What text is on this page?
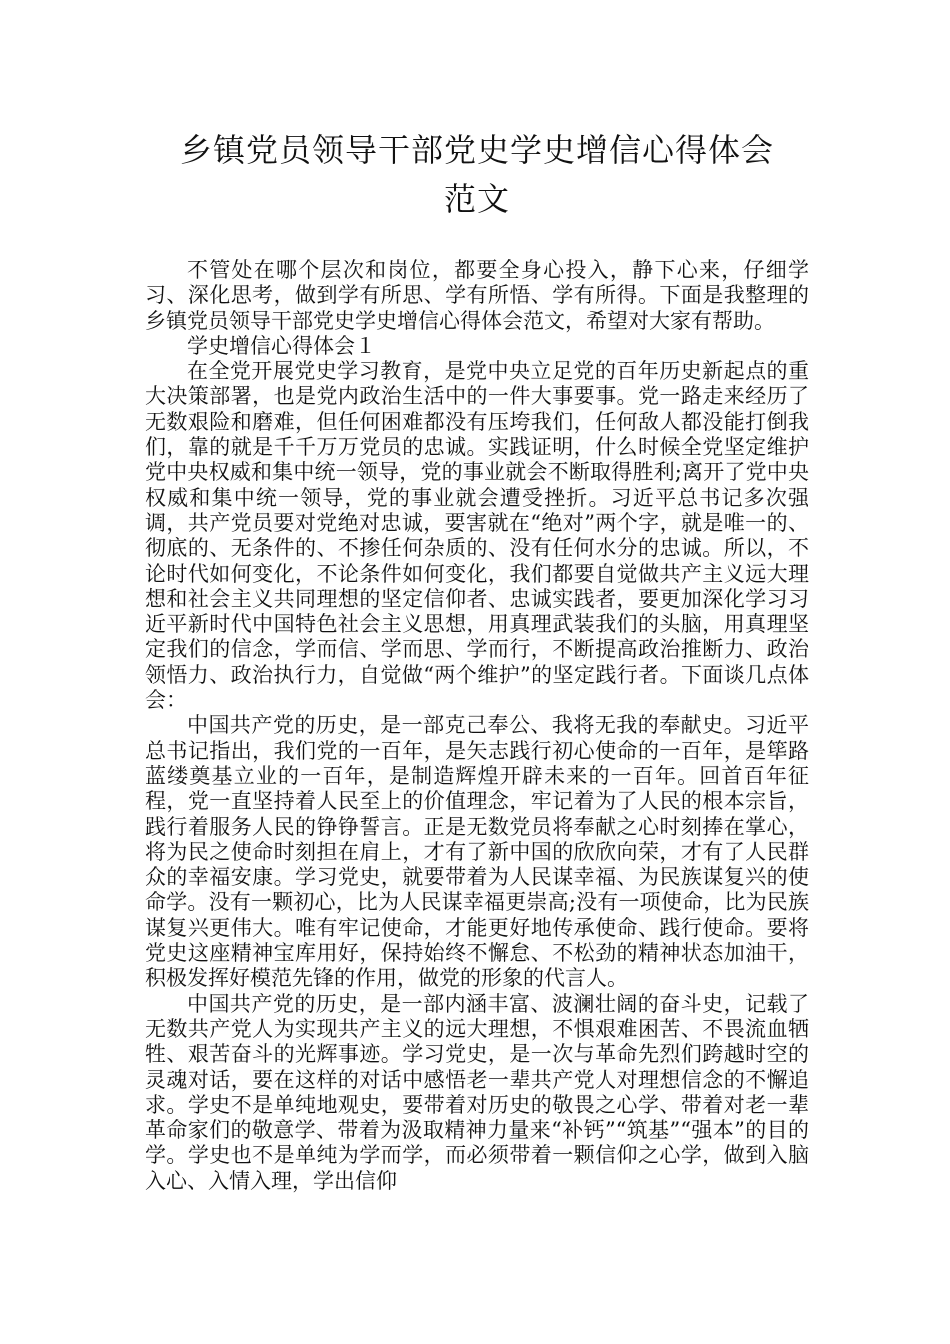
乡镇党员领导干部党史学史增信心得体会
范文

不管处在哪个层次和岗位，都要全身心投入，静下心来，仔细学习、深化思考，做到学有所思、学有所悟、学有所得。下面是我整理的乡镇党员领导干部党史学史增信心得体会范文，希望对大家有帮助。

学史增信心得体会１

在全党开展党史学习教育，是党中央立足党的百年历史新起点的重大决策部署，也是党内政治生活中的一件大事要事。党一路走来经历了无数艰险和磨难，但任何困难都没有压垮我们，任何敌人都没能打倒我们，靠的就是千千万万党员的忠诚。实践证明，什么时候全党坚定维护党中央权威和集中统一领导，党的事业就会不断取得胜利;离开了党中央权威和集中统一领导，党的事业就会遭受挫折。习近平总书记多次强调，共产党员要对党绝对忠诚，要害就在“绝对”两个字，就是唯一的、彻底的、无条件的、不掺任何杂质的、没有任何水分的忠诚。所以，不论时代如何变化，不论条件如何变化，我们都要自觉做共产主义远大理想和社会主义共同理想的坚定信仰者、忠诚实践者，要更加深化学习习近平新时代中国特色社会主义思想，用真理武装我们的头脑，用真理坚定我们的信念，学而信、学而思、学而行，不断提高政治推断力、政治领悟力、政治执行力，自觉做“两个维护”的坚定践行者。下面谈几点体会：

中国共产党的历史，是一部克己奉公、我将无我的奉献史。习近平总书记指出，我们党的一百年，是矢志践行初心使命的一百年，是筚路蓝缕奠基立业的一百年，是制造辉煌开辟未来的一百年。回首百年征程，党一直坚持着人民至上的价值理念，牢记着为了人民的根本宗旨，践行着服务人民的铮铮誓言。正是无数党员将奉献之心时刻捧在掌心，将为民之使命时刻担在肩上，才有了新中国的欣欣向荣，才有了人民群众的幸福安康。学习党史，就要带着为人民谋幸福、为民族谋复兴的使命学。没有一颗初心，比为人民谋幸福更崇高;没有一项使命，比为民族谋复兴更伟大。唯有牢记使命，才能更好地传承使命、践行使命。要将党史这座精神宝库用好，保持始终不懈怠、不松劲的精神状态加油干，积极发挥好模范先锋的作用，做党的形象的代言人。

中国共产党的历史，是一部内涵丰富、波澜壮阔的奋斗史，记载了无数共产党人为实现共产主义的远大理想，不惧艰难困苦、不畏流血牺牲、艰苦奋斗的光辉事迹。学习党史，是一次与革命先烈们跨越时空的灵魂对话，要在这样的对话中感悟老一辈共产党人对理想信念的不懈追求。学史不是单纯地观史，要带着对历史的敬畏之心学、带着对老一辈革命家们的敬意学、带着为汲取精神力量来“补钙”“筑基”“强本”的目的学。学史也不是单纯为学而学，而必须带着一颗信仰之心学，做到入脑入心、入情入理，学出信仰
